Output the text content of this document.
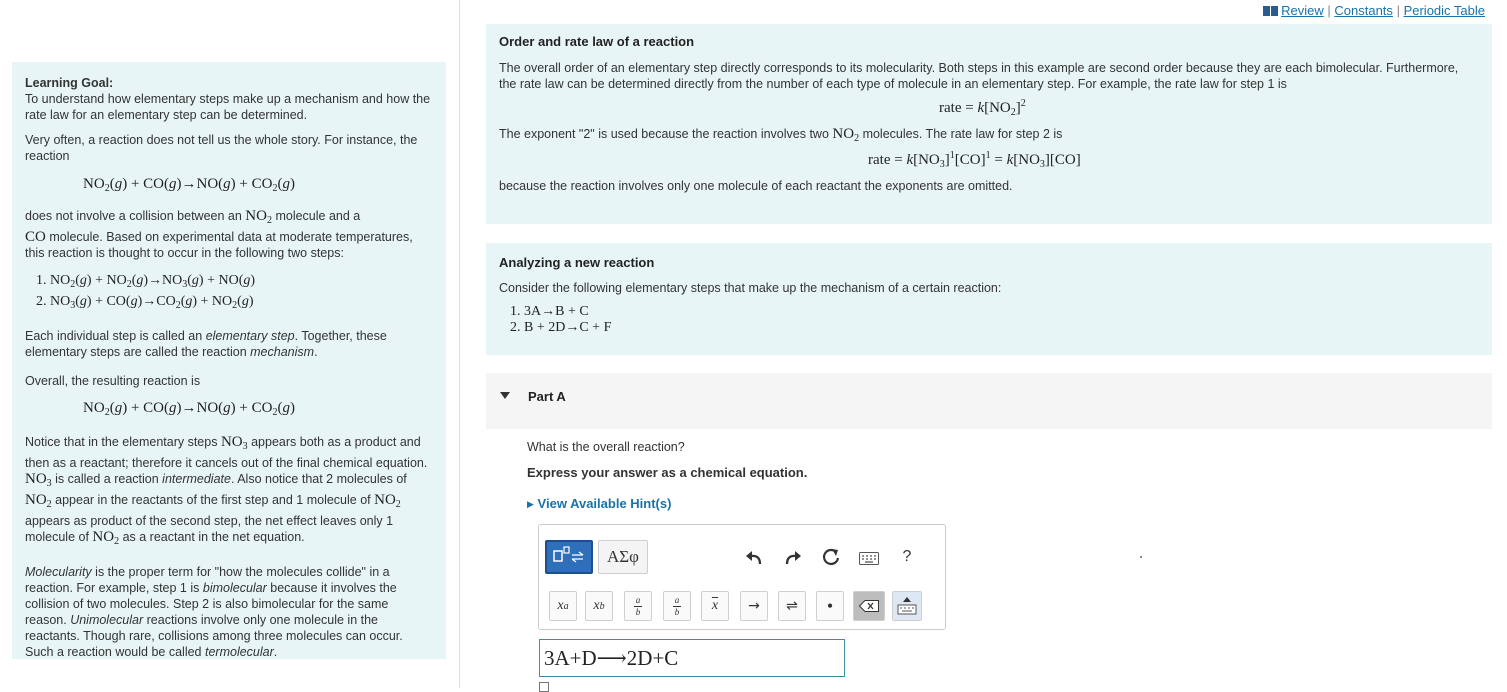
Review | Constants | Periodic Table

Learning Goal:

To understand how elementary steps make up a mechanism and how the rate law for an elementary step can be determined.

Very often, a reaction does not tell us the whole story. For instance, the reaction

$NO_2(g) + CO(g)\to NO(g) + CO_2(g)$

does not involve a collision between an $NO_2$ molecule and a
CO molecule. Based on experimental data at moderate temperatures, this reaction is thought to occur in the following two steps:

1. $NO_2(g) + NO_2(g)\to NO_3(g) + NO(g)$
2. $NO_3(g) + CO(g)\to CO_2(g) + NO_2(g)$

Each individual step is called an elementary step. Together, these elementary steps are called the reaction mechanism.

Overall, the resulting reaction is

$NO_2(g) + CO(g)\to NO(g) + CO_2(g)$

Notice that in the elementary steps $NO_3$ appears both as a product and then as a reactant; therefore it cancels out of the final chemical equation. $NO_3$ is called a reaction intermediate. Also notice that 2 molecules of $NO_2$ appear in the reactants of the first step and 1 molecule of $NO_2$ appears as product of the second step, the net effect leaves only 1 molecule of $NO_2$ as a reactant in the net equation.

Molecularity is the proper term for "how the molecules collide" in a reaction. For example, step 1 is bimolecular because it involves the collision of two molecules. Step 2 is also bimolecular for the same reason. Unimolecular reactions involve only one molecule in the reactants. Though rare, collisions among three molecules can occur. Such a reaction would be called termolecular.

Order and rate law of a reaction
The overall order of an elementary step directly corresponds to its molecularity. Both steps in this example are second order because they are each bimolecular. Furthermore, the rate law can be determined directly from the number of each type of molecule in an elementary step. For example, the rate law for step 1 is
rate = $k[NO_2]^2$
The exponent "2" is used because the reaction involves two $NO_2$ molecules. The rate law for step 2 is
rate = $k[NO_3]^1[CO]^1 = k[NO_3][CO]$
because the reaction involves only one molecule of each reactant the exponents are omitted.
Analyzing a new reaction
Consider the following elementary steps that make up the mechanism of a certain reaction:
1. 3A→B + C
2. B + 2D→C + F
Part A
What is the overall reaction?
Express your answer as a chemical equation.
▶ View Available Hint(s)
ΑΣφ	?
x a x b	$\frac{a}{b}$	$\frac{a}{b} \overline{x}$	→	⇌	•
3A+D⟶2D+C
